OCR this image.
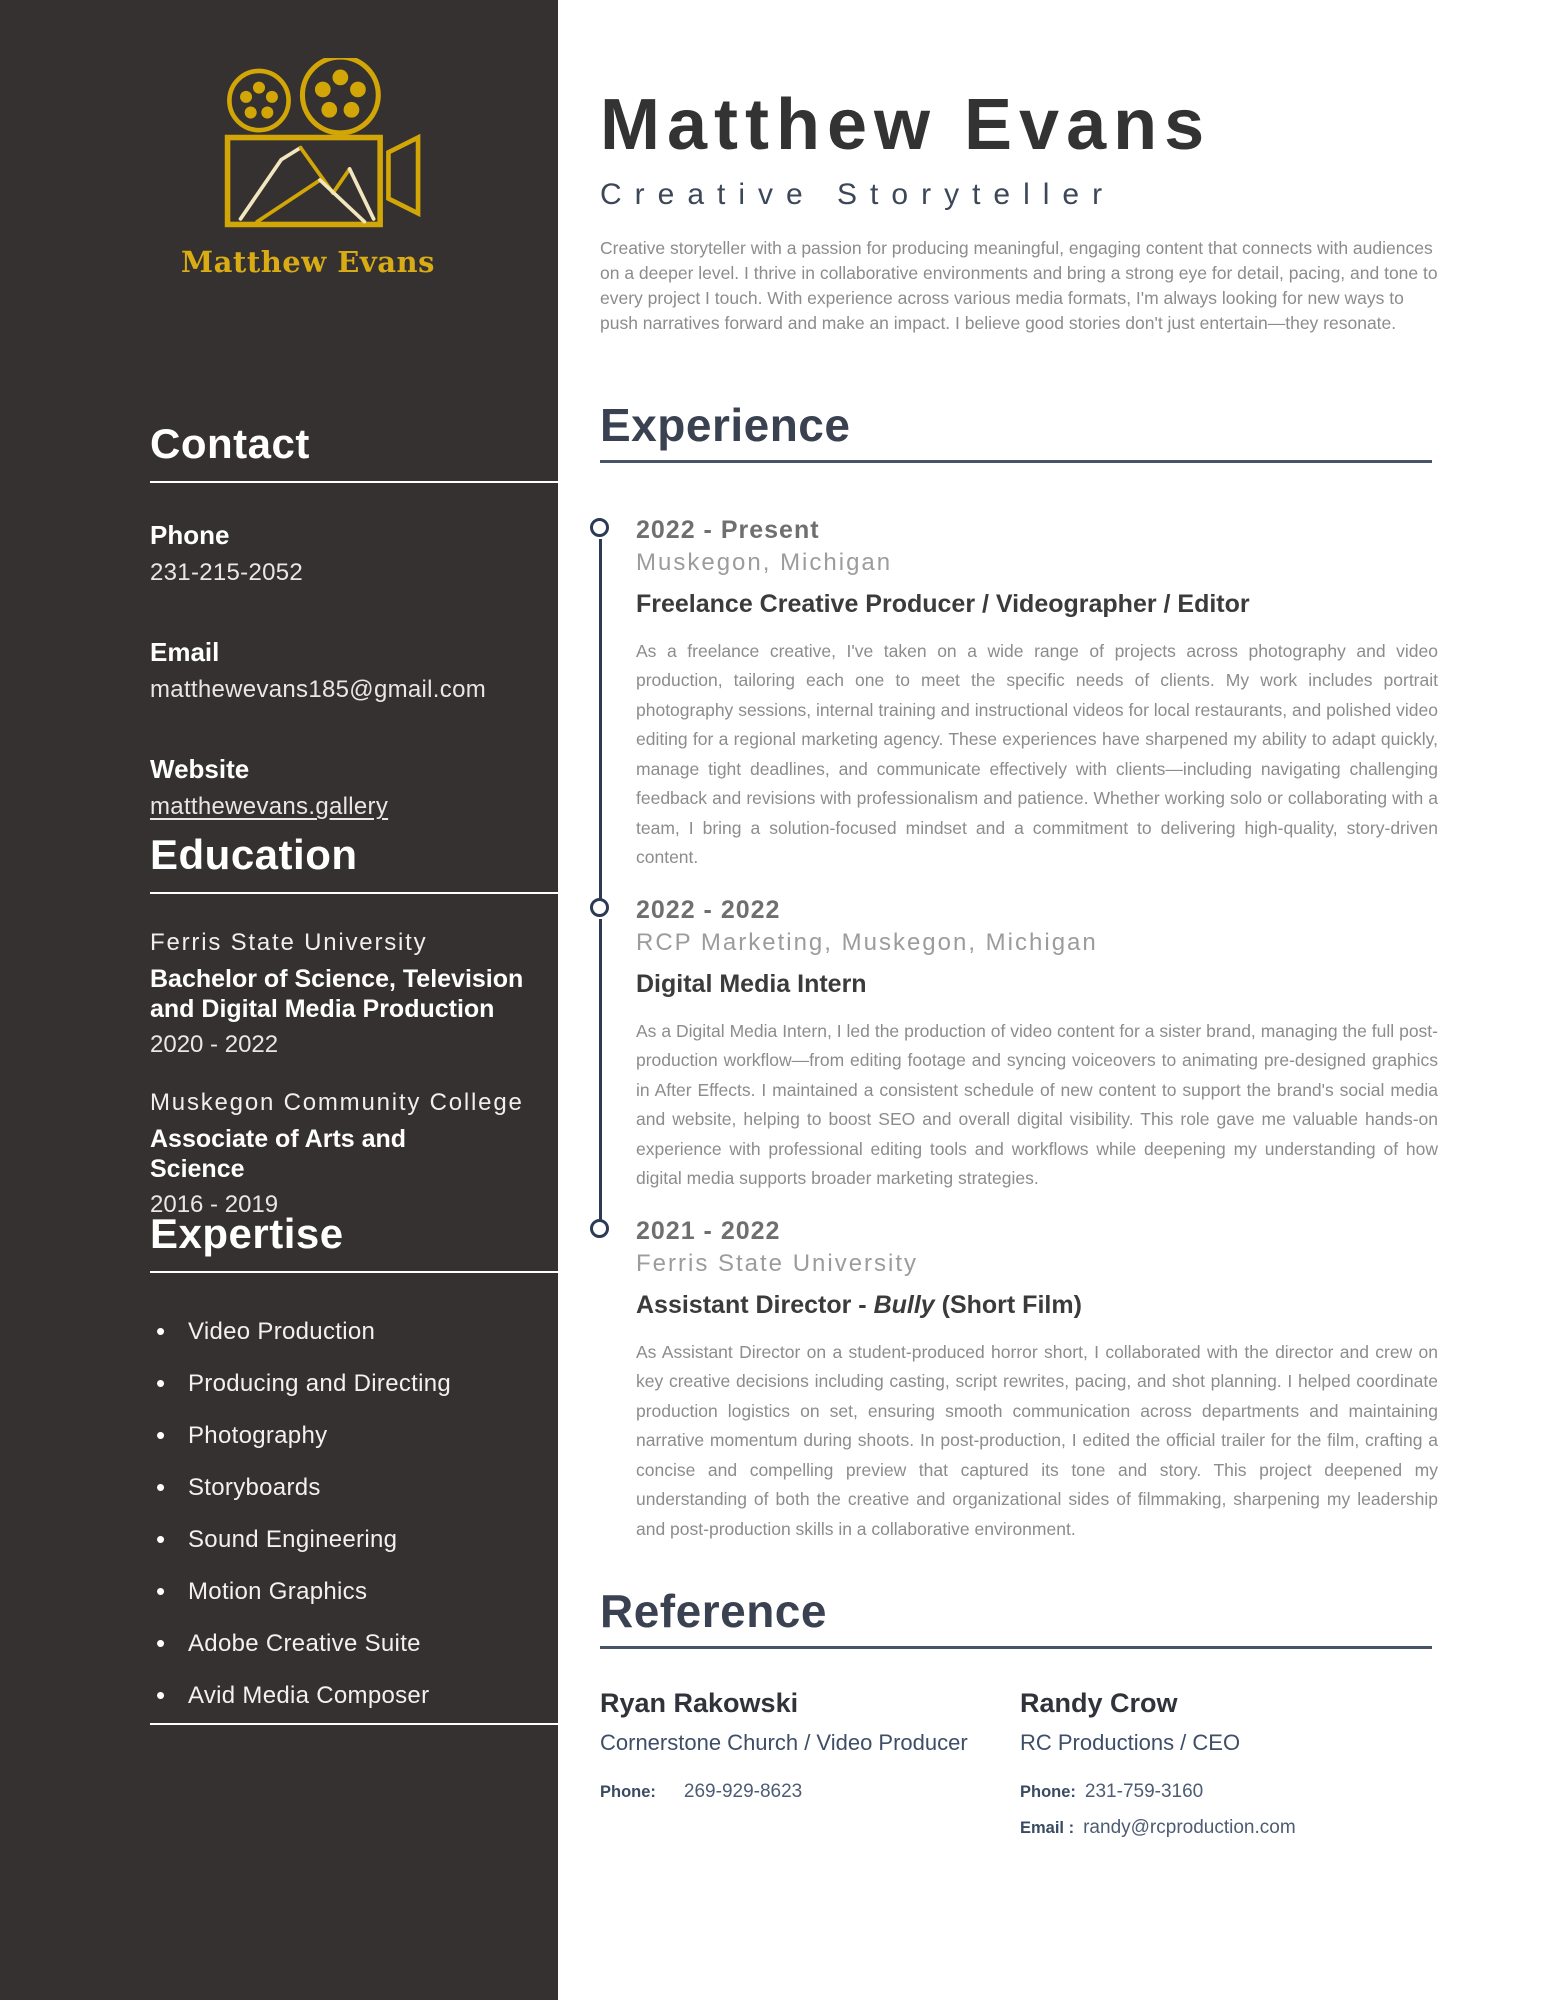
Matthew Evans
Contact
Phone
231-215-2052
Email
matthewevans185@gmail.com
Website
matthewevans.gallery
Education
Ferris State University
Bachelor of Science, Television and Digital Media Production
2020 - 2022
Muskegon Community College
Associate of Arts and Science
2016 - 2019
Expertise
• Video Production
• Producing and Directing
• Photography
• Storyboards
• Sound Engineering
• Motion Graphics
• Adobe Creative Suite
• Avid Media Composer
Matthew Evans
Creative Storyteller

Creative storyteller with a passion for producing meaningful, engaging content that connects with audiences on a deeper level. I thrive in collaborative environments and bring a strong eye for detail, pacing, and tone to every project I touch. With experience across various media formats, I'm always looking for new ways to push narratives forward and make an impact. I believe good stories don't just entertain—they resonate.

Experience
2022 - Present
Muskegon, Michigan
Freelance Creative Producer / Videographer / Editor

As a freelance creative, I've taken on a wide range of projects across photography and video production, tailoring each one to meet the specific needs of clients. My work includes portrait photography sessions, internal training and instructional videos for local restaurants, and polished video editing for a regional marketing agency. These experiences have sharpened my ability to adapt quickly, manage tight deadlines, and communicate effectively with clients—including navigating challenging feedback and revisions with professionalism and patience. Whether working solo or collaborating with a team, I bring a solution-focused mindset and a commitment to delivering high-quality, story-driven content.

2022 - 2022
RCP Marketing, Muskegon, Michigan
Digital Media Intern

As a Digital Media Intern, I led the production of video content for a sister brand, managing the full post-production workflow—from editing footage and syncing voiceovers to animating pre-designed graphics in After Effects. I maintained a consistent schedule of new content to support the brand's social media and website, helping to boost SEO and overall digital visibility. This role gave me valuable hands-on experience with professional editing tools and workflows while deepening my understanding of how digital media supports broader marketing strategies.

2021 - 2022
Ferris State University
Assistant Director - Bully (Short Film)

As Assistant Director on a student-produced horror short, I collaborated with the director and crew on key creative decisions including casting, script rewrites, pacing, and shot planning. I helped coordinate production logistics on set, ensuring smooth communication across departments and maintaining narrative momentum during shoots. In post-production, I edited the official trailer for the film, crafting a concise and compelling preview that captured its tone and story. This project deepened my understanding of both the creative and organizational sides of filmmaking, sharpening my leadership and post-production skills in a collaborative environment.

Reference
Ryan Rakowski
Cornerstone Church / Video Producer
Phone: 269-929-8623
Randy Crow
RC Productions / CEO
Phone: 231-759-3160
Email : randy@rcproduction.com
